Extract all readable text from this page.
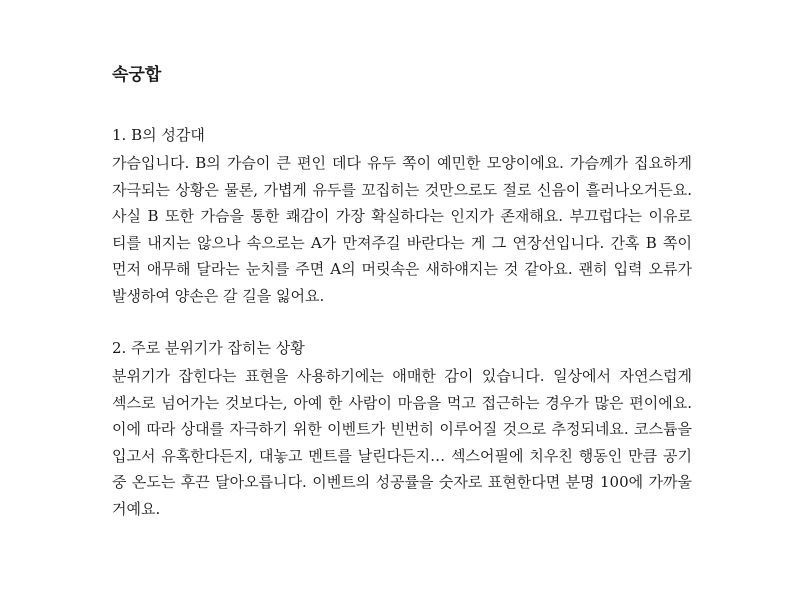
속궁합

1. B의 성감대

가슴입니다. B의 가슴이 큰 편인 데다 유두 쪽이 예민한 모양이에요. 가슴께가 집요하게 자극되는 상황은 물론, 가볍게 유두를 꼬집히는 것만으로도 절로 신음이 흘러나오거든요. 사실 B 또한 가슴을 통한 쾌감이 가장 확실하다는 인지가 존재해요. 부끄럽다는 이유로 티를 내지는 않으나 속으로는 A가 만져주길 바란다는 게 그 연장선입니다. 간혹 B 쪽이 먼저 애무해 달라는 눈치를 주면 A의 머릿속은 새하얘지는 것 같아요. 괜히 입력 오류가 발생하여 양손은 갈 길을 잃어요.

2. 주로 분위기가 잡히는 상황

분위기가 잡힌다는 표현을 사용하기에는 애매한 감이 있습니다. 일상에서 자연스럽게 섹스로 넘어가는 것보다는, 아예 한 사람이 마음을 먹고 접근하는 경우가 많은 편이에요. 이에 따라 상대를 자극하기 위한 이벤트가 빈번히 이루어질 것으로 추정되네요. 코스튬을 입고서 유혹한다든지, 대놓고 멘트를 날린다든지… 섹스어필에 치우친 행동인 만큼 공기 중 온도는 후끈 달아오릅니다. 이벤트의 성공률을 숫자로 표현한다면 분명 100에 가까울 거예요.
